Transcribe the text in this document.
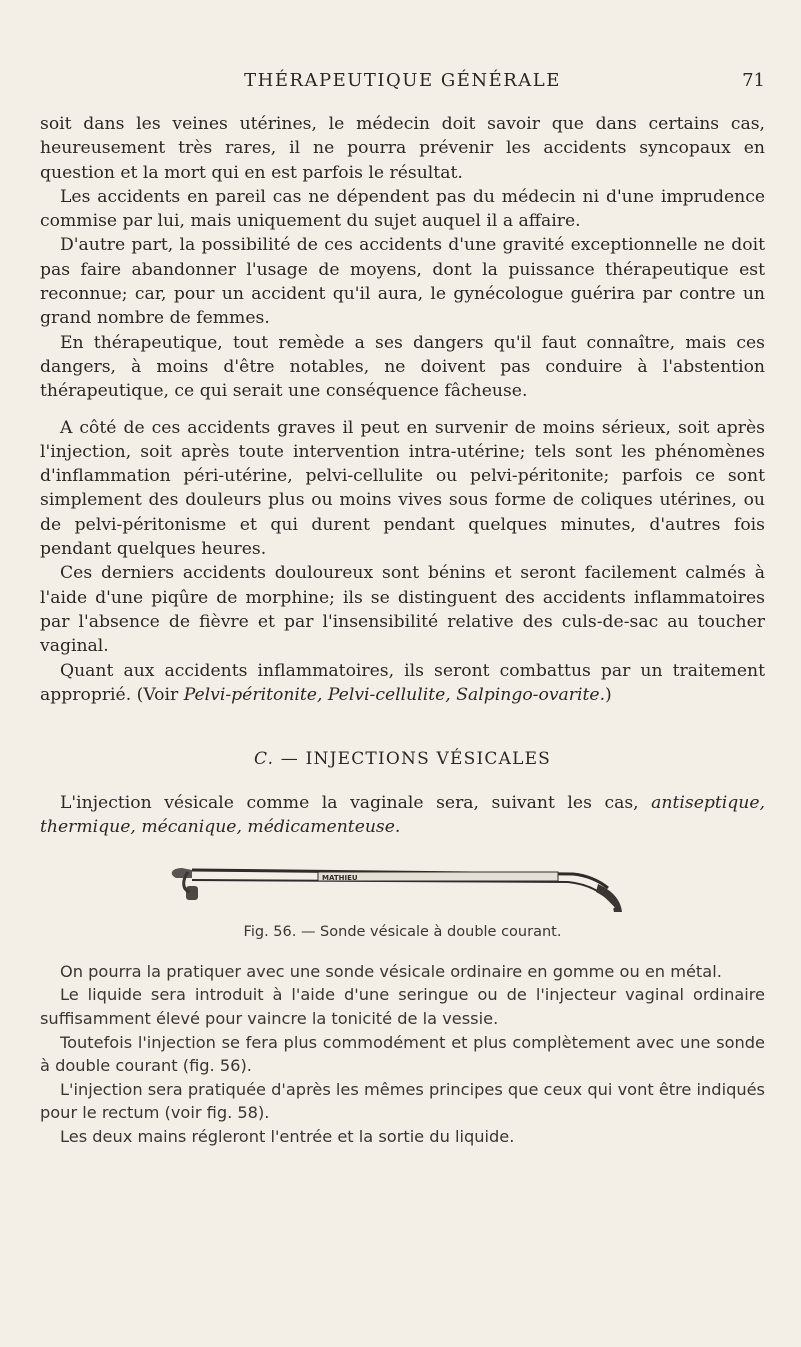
THÉRAPEUTIQUE GÉNÉRALE	71

soit dans les veines utérines, le médecin doit savoir que dans certains cas, heureusement très rares, il ne pourra prévenir les accidents syncopaux en question et la mort qui en est parfois le résultat.

Les accidents en pareil cas ne dépendent pas du médecin ni d'une imprudence commise par lui, mais uniquement du sujet auquel il a affaire.

D'autre part, la possibilité de ces accidents d'une gravité exceptionnelle ne doit pas faire abandonner l'usage de moyens, dont la puissance thérapeutique est reconnue; car, pour un accident qu'il aura, le gynécologue guérira par contre un grand nombre de femmes.

En thérapeutique, tout remède a ses dangers qu'il faut connaître, mais ces dangers, à moins d'être notables, ne doivent pas conduire à l'abstention thérapeutique, ce qui serait une conséquence fâcheuse.

A côté de ces accidents graves il peut en survenir de moins sérieux, soit après l'injection, soit après toute intervention intra-utérine; tels sont les phénomènes d'inflammation péri-utérine, pelvi-cellulite ou pelvi-péritonite; parfois ce sont simplement des douleurs plus ou moins vives sous forme de coliques utérines, ou de pelvi-péritonisme et qui durent pendant quelques minutes, d'autres fois pendant quelques heures.

Ces derniers accidents douloureux sont bénins et seront facilement calmés à l'aide d'une piqûre de morphine; ils se distinguent des accidents inflammatoires par l'absence de fièvre et par l'insensibilité relative des culs-de-sac au toucher vaginal.

Quant aux accidents inflammatoires, ils seront combattus par un traitement approprié. (Voir Pelvi-péritonite, Pelvi-cellulite, Salpingo-ovarite.)

C. — INJECTIONS VÉSICALES

L'injection vésicale comme la vaginale sera, suivant les cas, antiseptique, thermique, mécanique, médicamenteuse.

MATHIEU
Fig. 56. — Sonde vésicale à double courant.

On pourra la pratiquer avec une sonde vésicale ordinaire en gomme ou en métal.

Le liquide sera introduit à l'aide d'une seringue ou de l'injecteur vaginal ordinaire suffisamment élevé pour vaincre la tonicité de la vessie.

Toutefois l'injection se fera plus commodément et plus complètement avec une sonde à double courant (fig. 56).

L'injection sera pratiquée d'après les mêmes principes que ceux qui vont être indiqués pour le rectum (voir fig. 58).

Les deux mains régleront l'entrée et la sortie du liquide.
